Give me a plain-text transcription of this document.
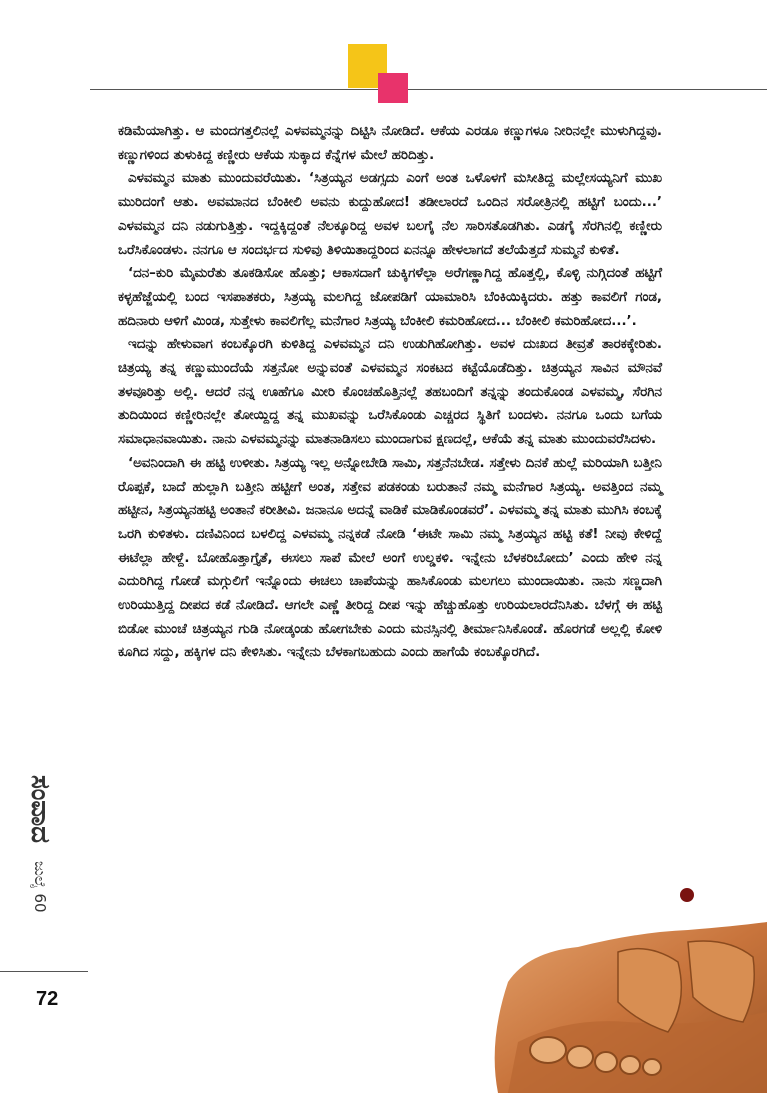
ಕಡಿಮೆಯಾಗಿತ್ತು. ಆ ಮಂದಗತ್ತಲಿನಲ್ಲೆ ಎಳವಮ್ಮನನ್ನು ದಿಟ್ಟಿಸಿ ನೋಡಿದೆ. ಆಕೆಯ ಎರಡೂ ಕಣ್ಣುಗಳೂ ನೀರಿನಲ್ಲೇ ಮುಳುಗಿದ್ದವು. ಕಣ್ಣುಗಳಿಂದ ತುಳುಕಿದ್ದ ಕಣ್ಣೀರು ಆಕೆಯ ಸುಕ್ಕಾದ ಕೆನ್ನೆಗಳ ಮೇಲೆ ಹರಿದಿತ್ತು.

ಎಳವಮ್ಮನ ಮಾತು ಮುಂದುವರೆಯಿತು. ‘ಸಿತ್ರಯ್ಯನ ಅಡಗ್ಸದು ಎಂಗೆ ಅಂತ ಒಳೊಳಗೆ ಮಸೀತಿದ್ದ ಮಲ್ಲೇಸಯ್ಯನಿಗೆ ಮುಖ ಮುರಿದಂಗೆ ಆತು. ಅವಮಾನದ ಬೆಂಕೀಲಿ ಅವನು ಕುದ್ದುಹೋದ! ತಡೀಲಾರದೆ ಒಂದಿನ ಸರೋತ್ರಿನಲ್ಲಿ ಹಟ್ಟಿಗೆ ಬಂದು...’ ಎಳವಮ್ಮನ ದನಿ ನಡುಗುತ್ತಿತ್ತು. ಇದ್ದಕ್ಕಿದ್ದಂತೆ ನೆಲಕ್ಕೂರಿದ್ದ ಅವಳ ಬಲಗೈ ನೆಲ ಸಾರಿಸತೊಡಗಿತು. ಎಡಗೈ ಸೆರಗಿನಲ್ಲಿ ಕಣ್ಣೀರು ಒರೆಸಿಕೊಂಡಳು. ನನಗೂ ಆ ಸಂದರ್ಭದ ಸುಳಿವು ತಿಳಿಯಿತಾದ್ದರಿಂದ ಏನನ್ನೂ ಹೇಳಲಾಗದೆ ತಲೆಯೆತ್ತದೆ ಸುಮ್ಮನೆ ಕುಳಿತೆ.

‘ದನ–ಕುರಿ ಮೈಮರೆತು ತೂಕಡಿಸೋ ಹೊತ್ತು; ಆಕಾಸದಾಗೆ ಚುಕ್ಕಿಗಳೆಲ್ಲಾ ಅರೆಗಣ್ಣಾಗಿದ್ದ ಹೊತ್ತಲ್ಲಿ, ಕೊಳ್ಳಿ ನುಗ್ಗಿದಂತೆ ಹಟ್ಟಿಗೆ ಕಳ್ಳಹೆಜ್ಜೆಯಲ್ಲಿ ಬಂದ ಇಸಪಾತಕರು, ಸಿತ್ರಯ್ಯ ಮಲಗಿದ್ದ ಜೋಪಡಿಗೆ ಯಾಮಾರಿಸಿ ಬೆಂಕಿಯಿಕ್ಕಿದರು. ಹತ್ತು ಕಾವಲಿಗೆ ಗಂಡ, ಹದಿನಾರು ಆಳಿಗೆ ಮಿಂಡ, ಸುತ್ತೇಳು ಕಾವಲಿಗೆಲ್ಲ ಮನೆಗಾರ ಸಿತ್ರಯ್ಯ ಬೆಂಕೀಲಿ ಕಮರಿಹೋದ... ಬೆಂಕೀಲಿ ಕಮರಿಹೋದ...’.

ಇದನ್ನು ಹೇಳುವಾಗ ಕಂಬಕ್ಕೊರಗಿ ಕುಳಿತಿದ್ದ ಎಳವಮ್ಮನ ದನಿ ಉಡುಗಿಹೋಗಿತ್ತು. ಅವಳ ದುಃಖದ ತೀವ್ರತೆ ತಾರಕಕ್ಕೇರಿತು. ಚಿತ್ರಯ್ಯ ತನ್ನ ಕಣ್ಣುಮುಂದೆಯೆ ಸತ್ತನೋ ಅನ್ನುವಂತೆ ಎಳವಮ್ಮನ ಸಂಕಟದ ಕಟ್ಟೆಯೊಡೆದಿತ್ತು. ಚಿತ್ರಯ್ಯನ ಸಾವಿನ ಮೌನವೆ ತಳವೂರಿತ್ತು ಅಲ್ಲಿ. ಆದರೆ ನನ್ನ ಊಹೆಗೂ ಮೀರಿ ಕೊಂಚಹೊತ್ತಿನಲ್ಲೆ ತಹಬಂದಿಗೆ ತನ್ನನ್ನು ತಂದುಕೊಂಡ ಎಳವಮ್ಮ, ಸೆರಗಿನ ತುದಿಯಿಂದ ಕಣ್ಣೀರಿನಲ್ಲೇ ತೋಯ್ದಿದ್ದ ತನ್ನ ಮುಖವನ್ನು ಒರೆಸಿಕೊಂಡು ಎಚ್ಚರದ ಸ್ಥಿತಿಗೆ ಬಂದಳು. ನನಗೂ ಒಂದು ಬಗೆಯ ಸಮಾಧಾನವಾಯಿತು. ನಾನು ಎಳವಮ್ಮನನ್ನು ಮಾತನಾಡಿಸಲು ಮುಂದಾಗುವ ಕ್ಷಣದಲ್ಲೆ, ಆಕೆಯೆ ತನ್ನ ಮಾತು ಮುಂದುವರೆಸಿದಳು.

‘ಅವನಿಂದಾಗಿ ಈ ಹಟ್ಟಿ ಉಳೀತು. ಸಿತ್ರಯ್ಯ ಇಲ್ಲ ಅನ್ನೋಬೇಡಿ ಸಾಮಿ, ಸತ್ತನೆನಬೇಡ. ಸತ್ತೇಳು ದಿನಕೆ ಹುಲ್ಲೆ ಮರಿಯಾಗಿ ಬತ್ತೀನಿ ರೊಪ್ಪಕೆ, ಬಾದೆ ಹುಲ್ಲಾಗಿ ಬತ್ತೀನಿ ಹಟ್ಟೀಗೆ ಅಂತ, ಸತ್ತೇವ ಪಡಕಂಡು ಬರುತಾನೆ ನಮ್ಮ ಮನೆಗಾರ ಸಿತ್ರಯ್ಯ. ಅವತ್ತಿಂದ ನಮ್ಮ ಹಟ್ಟೀನ, ಸಿತ್ರಯ್ಯನಹಟ್ಟಿ ಅಂತಾನೆ ಕರೀತೀವಿ. ಜನಾನೂ ಅದನ್ನೆ ವಾಡಿಕೆ ಮಾಡಿಕೊಂಡವರೆ’. ಎಳವಮ್ಮ ತನ್ನ ಮಾತು ಮುಗಿಸಿ ಕಂಬಕ್ಕೆ ಒರಗಿ ಕುಳಿತಳು. ದಣಿವಿನಿಂದ ಬಳಲಿದ್ದ ಎಳವಮ್ಮ ನನ್ನಕಡೆ ನೋಡಿ ‘ಈಟೇ ಸಾಮಿ ನಮ್ಮ ಸಿತ್ರಯ್ಯನ ಹಟ್ಟಿ ಕತೆ! ನೀವು ಕೇಳಿದ್ದೆ ಈಟೆಲ್ಲಾ ಹೇಳ್ದೆ. ಬೋಹೊತ್ತಾಗ್ತೈತೆ, ಈಸಲು ಸಾಪೆ ಮೇಲೆ ಅಂಗೆ ಉಲ್ಡಕಳಿ. ಇನ್ನೇನು ಬೆಳಕರಿಬೋದು’ ಎಂದು ಹೇಳಿ ನನ್ನ ಎದುರಿಗಿದ್ದ ಗೋಡೆ ಮಗ್ಗುಲಿಗೆ ಇನ್ನೊಂದು ಈಚಲು ಚಾಪೆಯನ್ನು ಹಾಸಿಕೊಂಡು ಮಲಗಲು ಮುಂದಾಯಿತು. ನಾನು ಸಣ್ಣದಾಗಿ ಉರಿಯುತ್ತಿದ್ದ ದೀಪದ ಕಡೆ ನೋಡಿದೆ. ಆಗಲೇ ಎಣ್ಣೆ ತೀರಿದ್ದ ದೀಪ ಇನ್ನು ಹೆಚ್ಚುಹೊತ್ತು ಉರಿಯಲಾರದೆನಿಸಿತು. ಬೆಳಗ್ಗೆ ಈ ಹಟ್ಟಿ ಬಿಡೋ ಮುಂಚೆ ಚಿತ್ರಯ್ಯನ ಗುಡಿ ನೋಡ್ಕಂಡು ಹೋಗಬೇಕು ಎಂದು ಮನಸ್ಸಿನಲ್ಲಿ ತೀರ್ಮಾನಿಸಿಕೊಂಡೆ. ಹೊರಗಡೆ ಅಲ್ಲಲ್ಲಿ ಕೋಳಿ ಕೂಗಿದ ಸದ್ದು, ಹಕ್ಕಿಗಳ ದನಿ ಕೇಳಿಸಿತು. ಇನ್ನೇನು ಬೆಳಕಾಗಬಹುದು ಎಂದು ಹಾಗೆಯೆ ಕಂಬಕ್ಕೊರಗಿದೆ.

ಸಂವಾದ
ಜುಲೈ 60
72
